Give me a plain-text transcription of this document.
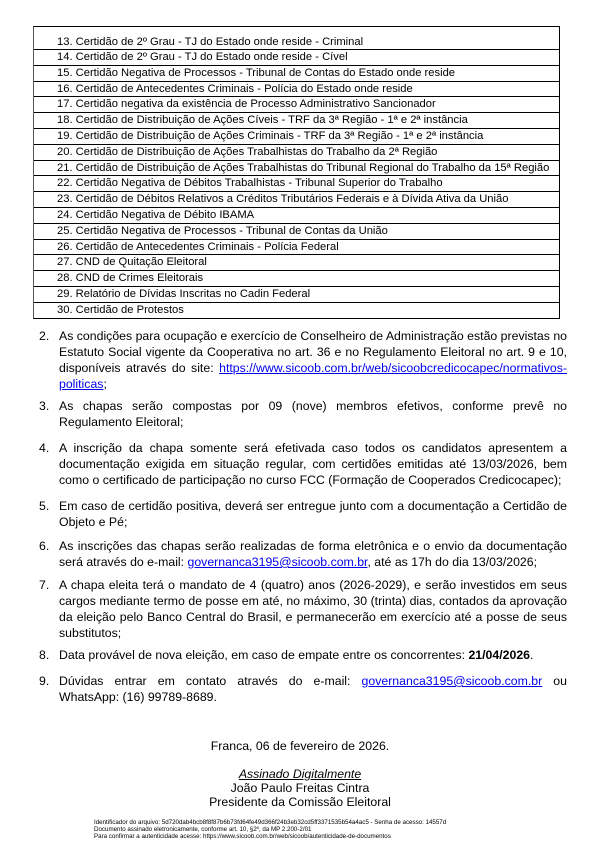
13. Certidão de 2º Grau - TJ do Estado onde reside - Criminal
14. Certidão de 2º Grau - TJ do Estado onde reside - Cível
15. Certidão Negativa de Processos - Tribunal de Contas do Estado onde reside
16. Certidão de Antecedentes Criminais - Polícia do Estado onde reside
17. Certidão negativa da existência de Processo Administrativo Sancionador
18. Certidão de Distribuição de Ações Cíveis - TRF da 3ª Região - 1ª e 2ª instância
19. Certidão de Distribuição de Ações Criminais - TRF da 3ª Região - 1ª e 2ª instância
20. Certidão de Distribuição de Ações Trabalhistas do Trabalho da 2ª Região
21. Certidão de Distribuição de Ações Trabalhistas do Tribunal Regional do Trabalho da 15ª Região
22. Certidão Negativa de Débitos Trabalhistas - Tribunal Superior do Trabalho
23. Certidão de Débitos Relativos a Créditos Tributários Federais e à Dívida Ativa da União
24. Certidão Negativa de Débito IBAMA
25. Certidão Negativa de Processos - Tribunal de Contas da União
26. Certidão de Antecedentes Criminais - Polícia Federal
27. CND de Quitação Eleitoral
28. CND de Crimes Eleitorais
29. Relatório de Dívidas Inscritas no Cadin Federal
30. Certidão de Protestos
2. As condições para ocupação e exercício de Conselheiro de Administração estão previstas no Estatuto Social vigente da Cooperativa no art. 36 e no Regulamento Eleitoral no art. 9 e 10, disponíveis através do site: https://www.sicoob.com.br/web/sicoobcredicocapec/normativos-politicas;
3. As chapas serão compostas por 09 (nove) membros efetivos, conforme prevê no Regulamento Eleitoral;
4. A inscrição da chapa somente será efetivada caso todos os candidatos apresentem a documentação exigida em situação regular, com certidões emitidas até 13/03/2026, bem como o certificado de participação no curso FCC (Formação de Cooperados Credicocapec);
5. Em caso de certidão positiva, deverá ser entregue junto com a documentação a Certidão de Objeto e Pé;
6. As inscrições das chapas serão realizadas de forma eletrônica e o envio da documentação será através do e-mail: governanca3195@sicoob.com.br, até as 17h do dia 13/03/2026;
7. A chapa eleita terá o mandato de 4 (quatro) anos (2026-2029), e serão investidos em seus cargos mediante termo de posse em até, no máximo, 30 (trinta) dias, contados da aprovação da eleição pelo Banco Central do Brasil, e permanecerão em exercício até a posse de seus substitutos;
8. Data provável de nova eleição, em caso de empate entre os concorrentes: 21/04/2026.
9. Dúvidas entrar em contato através do e-mail: governanca3195@sicoob.com.br ou WhatsApp: (16) 99789-8689.
Franca, 06 de fevereiro de 2026.
Assinado Digitalmente
João Paulo Freitas Cintra
Presidente da Comissão Eleitoral
Identificador do arquivo: 5d720dab4bcb8f8f87b6b73fd64fe49d366f24b3eb32cd5ff3371535b54a4ac5 - Senha de acesso: 14557d
Documento assinado eletronicamente, conforme art. 10, §2º, da MP 2.200-2/01
Para confirmar a autenticidade acesse: https://www.sicoob.com.br/web/sicoob/autenticidade-de-documentos
